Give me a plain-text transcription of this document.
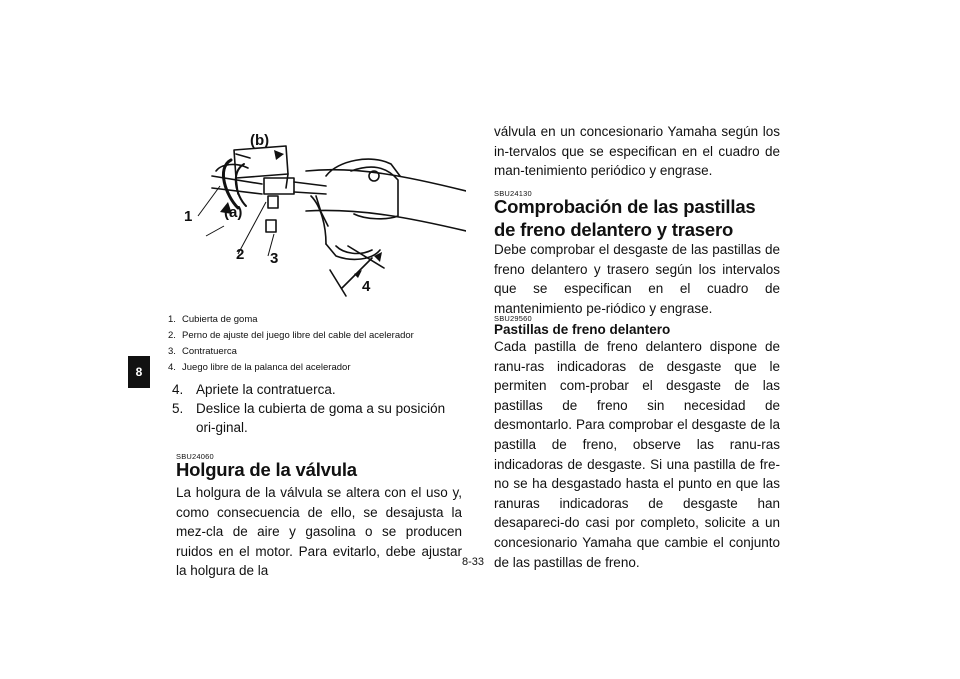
8
(b)
(a)
1
2 3
4
1. Cubierta de goma
2. Perno de ajuste del juego libre del cable del acelerador
3. Contratuerca
4. Juego libre de la palanca del acelerador
4. Apriete la contratuerca.
5. Deslice la cubierta de goma a su posición ori-ginal.
SBU24060
Holgura de la válvula
La holgura de la válvula se altera con el uso y, como consecuencia de ello, se desajusta la mez-cla de aire y gasolina o se producen ruidos en el motor. Para evitarlo, debe ajustar la holgura de la
válvula en un concesionario Yamaha según los in-tervalos que se especifican en el cuadro de man-tenimiento periódico y engrase.
SBU24130
Comprobación de las pastillas de freno delantero y trasero
Debe comprobar el desgaste de las pastillas de freno delantero y trasero según los intervalos que se especifican en el cuadro de mantenimiento pe-riódico y engrase.
SBU29560
Pastillas de freno delantero
Cada pastilla de freno delantero dispone de ranu-ras indicadoras de desgaste que le permiten com-probar el desgaste de las pastillas de freno sin necesidad de desmontarlo. Para comprobar el desgaste de la pastilla de freno, observe las ranu-ras indicadoras de desgaste. Si una pastilla de fre-no se ha desgastado hasta el punto en que las ranuras indicadoras de desgaste han desapareci-do casi por completo, solicite a un concesionario Yamaha que cambie el conjunto de las pastillas de freno.
8-33
